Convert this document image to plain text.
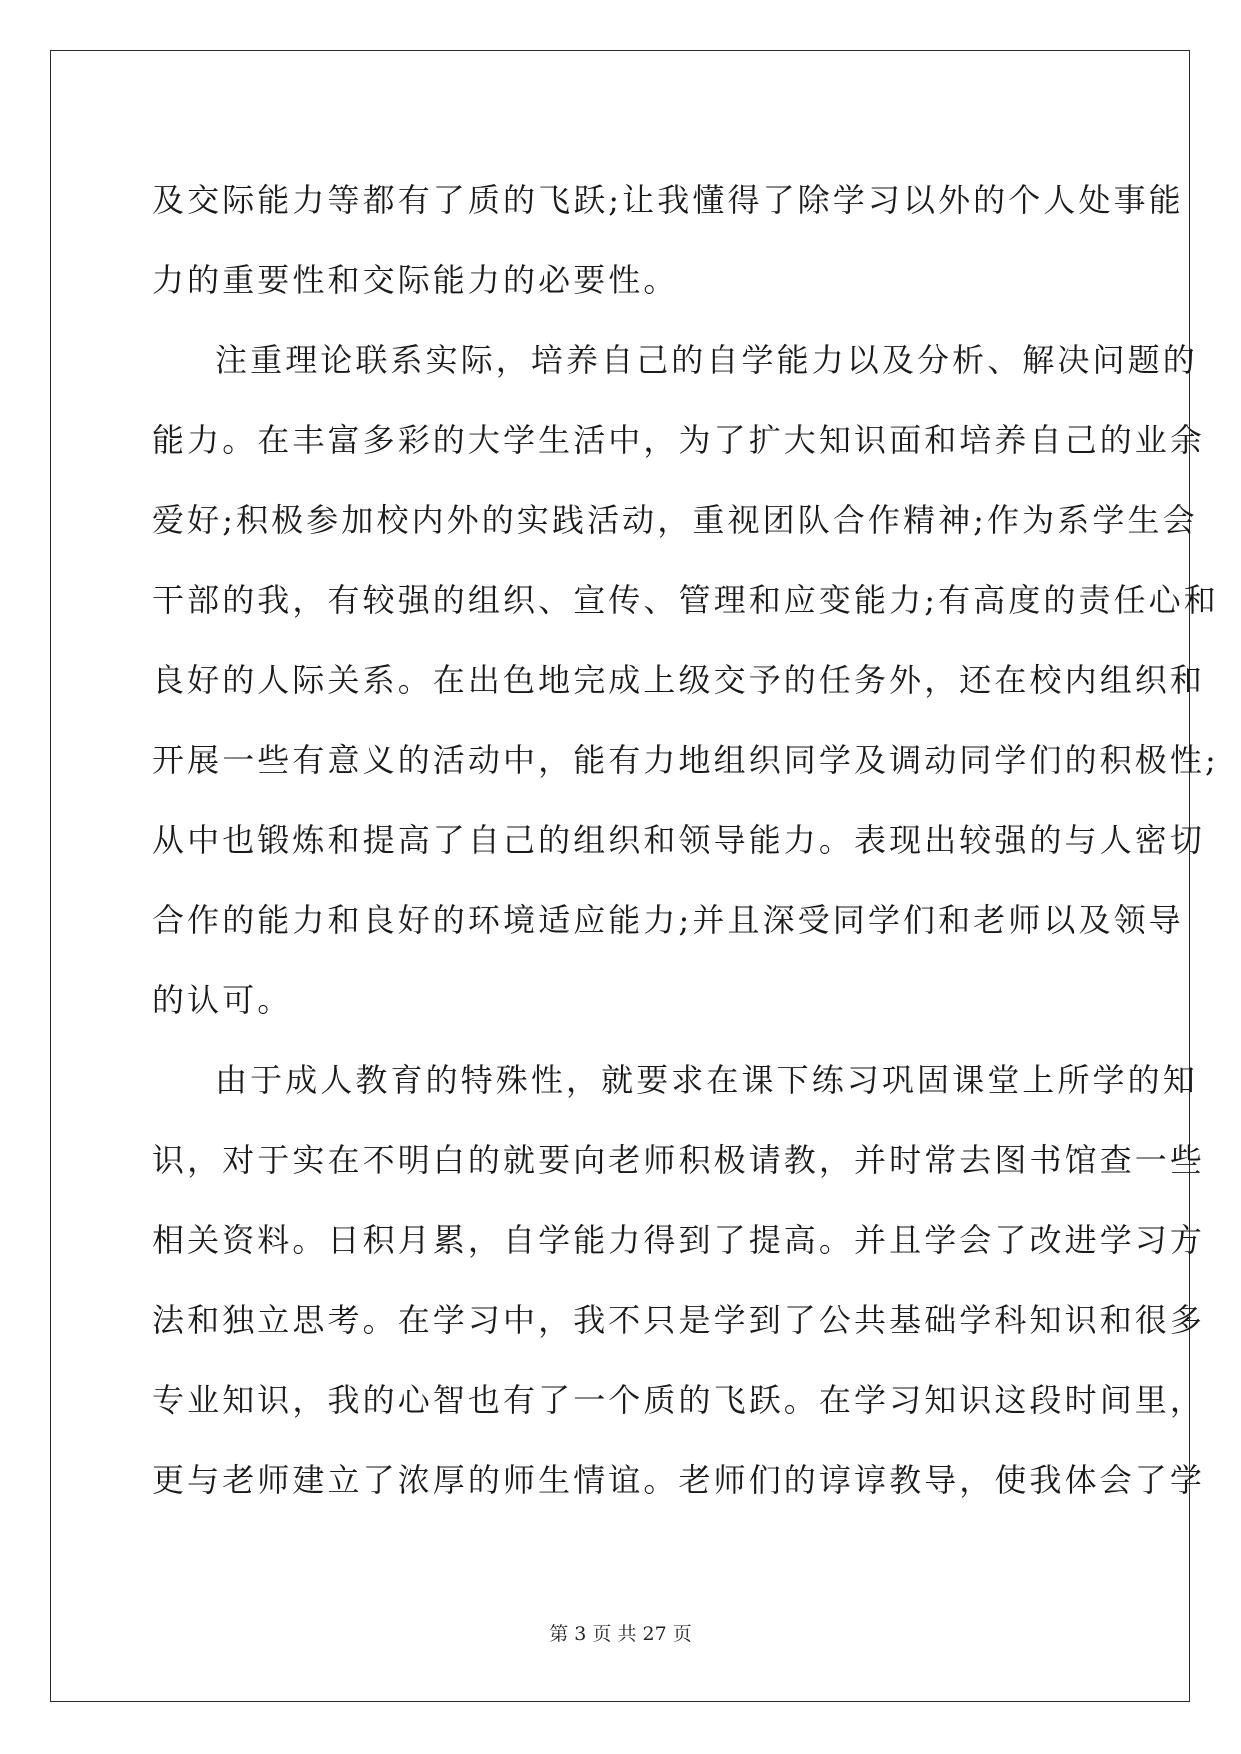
及交际能力等都有了质的飞跃;让我懂得了除学习以外的个人处事能
力的重要性和交际能力的必要性。
注重理论联系实际，培养自己的自学能力以及分析、解决问题的
能力。在丰富多彩的大学生活中，为了扩大知识面和培养自己的业余
爱好;积极参加校内外的实践活动，重视团队合作精神;作为系学生会
干部的我，有较强的组织、宣传、管理和应变能力;有高度的责任心和
良好的人际关系。在出色地完成上级交予的任务外，还在校内组织和
开展一些有意义的活动中，能有力地组织同学及调动同学们的积极性;
从中也锻炼和提高了自己的组织和领导能力。表现出较强的与人密切
合作的能力和良好的环境适应能力;并且深受同学们和老师以及领导
的认可。
由于成人教育的特殊性，就要求在课下练习巩固课堂上所学的知
识，对于实在不明白的就要向老师积极请教，并时常去图书馆查一些
相关资料。日积月累，自学能力得到了提高。并且学会了改进学习方
法和独立思考。在学习中，我不只是学到了公共基础学科知识和很多
专业知识，我的心智也有了一个质的飞跃。在学习知识这段时间里，
更与老师建立了浓厚的师生情谊。老师们的谆谆教导，使我体会了学
第 3 页 共 27 页
